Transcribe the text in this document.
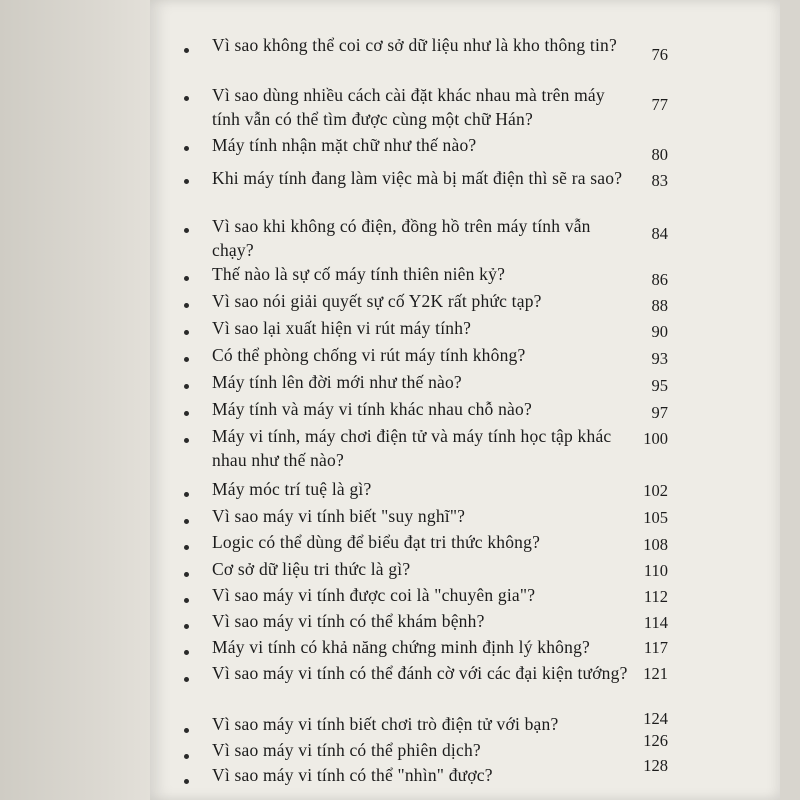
Vì sao không thể coi cơ sở dữ liệu như là kho thông tin?	76
Vì sao dùng nhiều cách cài đặt khác nhau mà trên máy tính vẫn có thể tìm được cùng một chữ Hán?
77
Máy tính nhận mặt chữ như thế nào?	80
Khi máy tính đang làm việc mà bị mất điện thì sẽ ra sao?	83
Vì sao khi không có điện, đồng hồ trên máy tính vẫn chạy?
84
Thế nào là sự cố máy tính thiên niên kỷ?	86
Vì sao nói giải quyết sự cố Y2K rất phức tạp?	88
Vì sao lại xuất hiện vi rút máy tính?	90
Có thể phòng chống vi rút máy tính không?	93
Máy tính lên đời mới như thế nào?	95
Máy tính và máy vi tính khác nhau chỗ nào?	97
Máy vi tính, máy chơi điện tử và máy tính học tập khác nhau như thế nào?
100
Máy móc trí tuệ là gì?	102
Vì sao máy vi tính biết "suy nghĩ"?	105
Logic có thể dùng để biểu đạt tri thức không?	108
Cơ sở dữ liệu tri thức là gì?	110
Vì sao máy vi tính được coi là "chuyên gia"?	112
Vì sao máy vi tính có thể khám bệnh?	114
Máy vi tính có khả năng chứng minh định lý không?	117
Vì sao máy vi tính có thể đánh cờ với các đại kiện tướng? 121
Vì sao máy vi tính biết chơi trò điện tử với bạn?	124
Vì sao máy vi tính có thể phiên dịch?	126
Vì sao máy vi tính có thể "nhìn" được?	128
